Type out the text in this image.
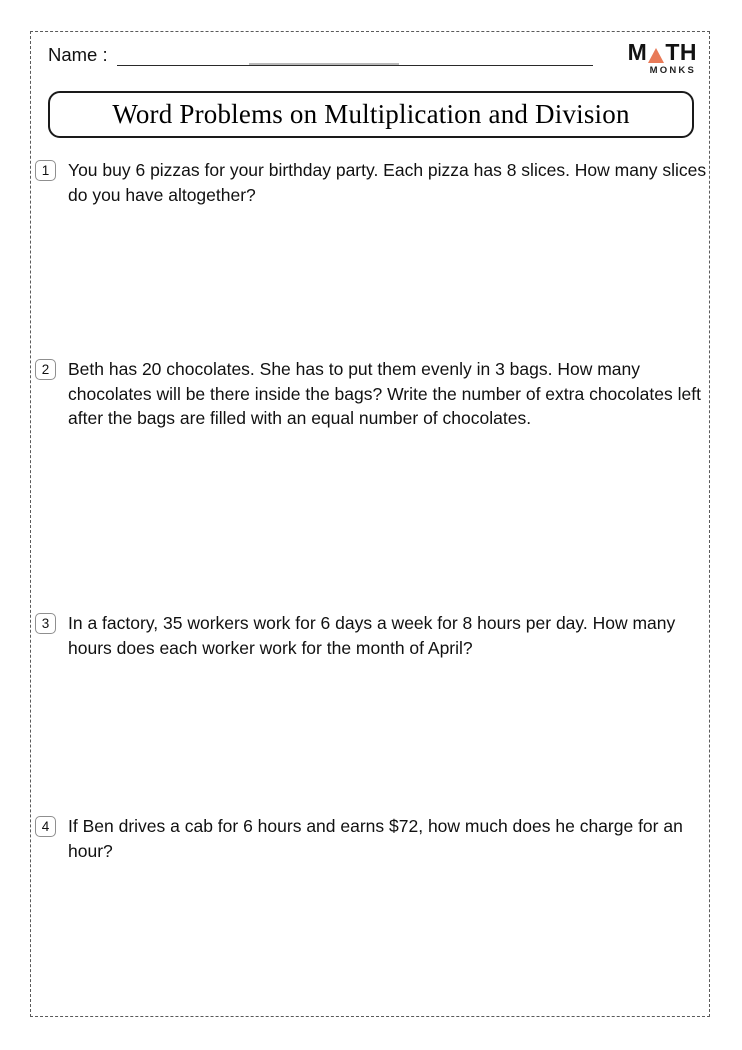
Name :	M TH
MONKS
Word Problems on Multiplication and Division
1	You buy 6 pizzas for your birthday party. Each pizza has 8 slices. How many slices do you have altogether?

2	Beth has 20 chocolates. She has to put them evenly in 3 bags. How many chocolates will be there inside the bags? Write the number of extra chocolates left after the bags are filled with an equal number of chocolates.

3	In a factory, 35 workers work for 6 days a week for 8 hours per day. How many hours does each worker work for the month of April?

4	If Ben drives a cab for 6 hours and earns $72, how much does he charge for an hour?
